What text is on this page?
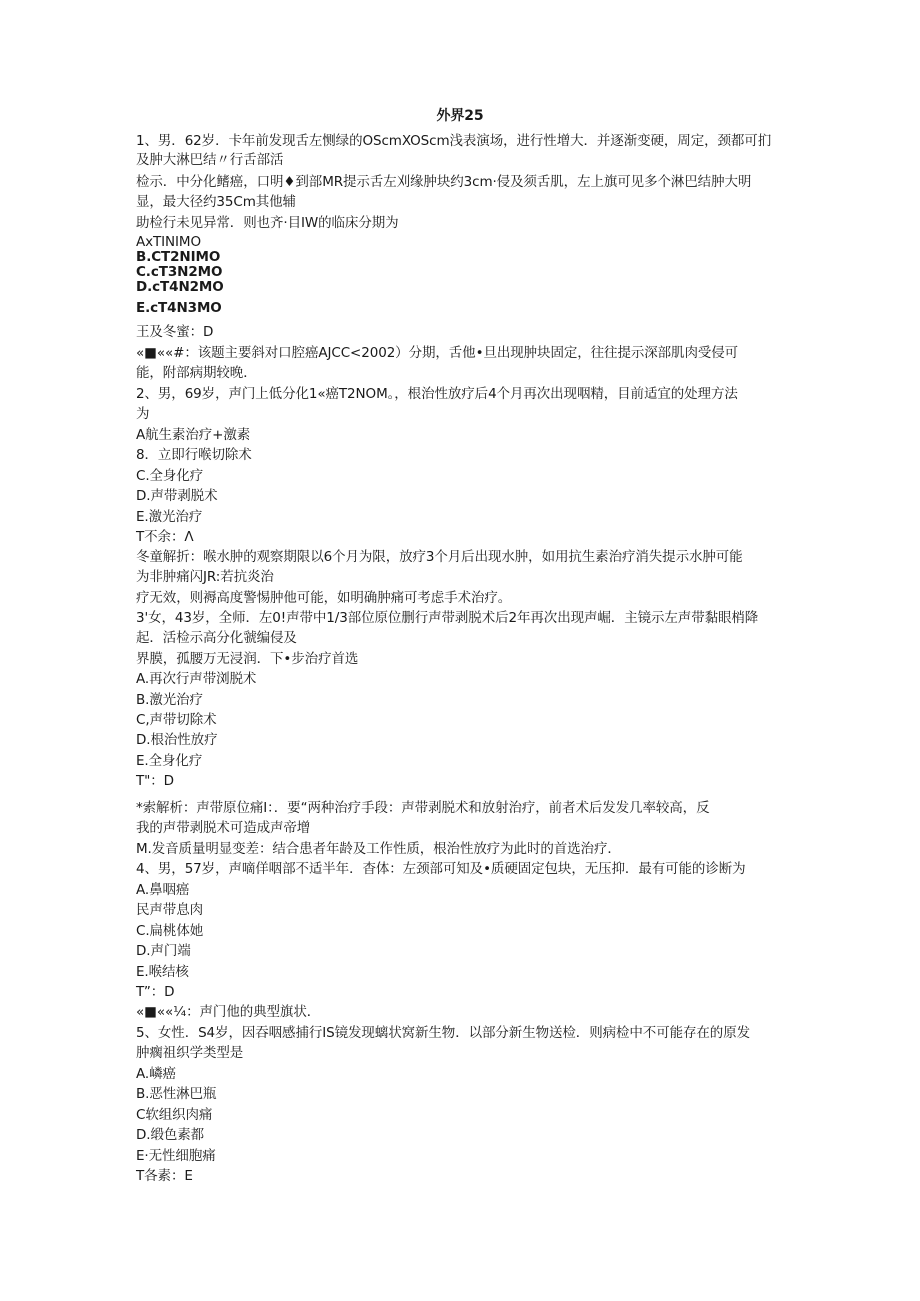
外界25

1、男．62岁．卡年前发现舌左恻绿的OScmXOScm浅表演场，进行性增大．并逐渐变硬，周定，颈都可扪

及肿大淋巴结〃行舌部活

检示．中分化鳍癌，口明♦到部MR提示舌左刈缘肿块约3cm·侵及须舌肌，左上旗可见多个淋巴结肿大明

显，最大径约35Cm其他辅

助检行未见异常．则也齐·目IW的临床分期为

AxTINIMO

B.CT2NIMO

C.cT3N2MO

D.cT4N2MO

E.cT4N3MO

王及冬蜜：D

«■««#：该题主要斜对口腔癌AJCC<2002）分期，舌他•旦出现肿块固定，往往提示深部肌肉受侵可

能，附部病期较晚．

2、男，69岁，声门上低分化1«癌T2NOM。，根治性放疗后4个月再次出现咽精，目前适宜的处理方法

为

A航生素治疗+激素

8．立即行喉切除术

C.全身化疗

D.声带剥脱术

E.激光治疗

T不余：Λ

冬童解折：喉水肿的观察期限以6个月为限，放疗3个月后出现水肿，如用抗生素治疗消失提示水肿可能

为非肿痛闪JR:若抗炎治

疗无效，则褥高度警惕肿他可能，如明确肿痛可考虑手术治疗。

3'女，43岁，全师．左0!声带中1/3部位原位删行声带剥脱术后2年再次出现声崛．主镜示左声带黏眼梢降

起．活检示高分化虢编侵及

界膜，孤腰万无浸润．下•步治疗首选

A.再次行声带浏脱术

B.激光治疗

C,声带切除术

D.根治性放疗

E.全身化疗

T"：D

*索解析：声带原位痛I：．要“两种治疗手段：声带剥脱术和放射治疗，前者术后发发几率较高，反

我的声带剥脱术可造成声帝增

M.发音质量明显变差：结合患者年龄及工作性质，根治性放疗为此时的首选治疗．

4、男，57岁，声嘀佯咽部不适半年．杳体：左颈部可知及•质硬固定包块，无压抑．最有可能的诊断为

A.鼻咽癌

民声带息肉

C.扁桃体她

D.声门端

E.喉结核

T”：D

«■««¼：声门他的典型旗状．

5、女性．S4岁，因吞咽感捕行IS镜发现螭状窝新生物．以部分新生物送检．则病检中不可能存在的原发

肿瘸祖织学类型是

A.嶙癌

B.恶性淋巴瓶

C软组织肉痛

D.缎色素都

E·无性细胞痛

T各素：E
